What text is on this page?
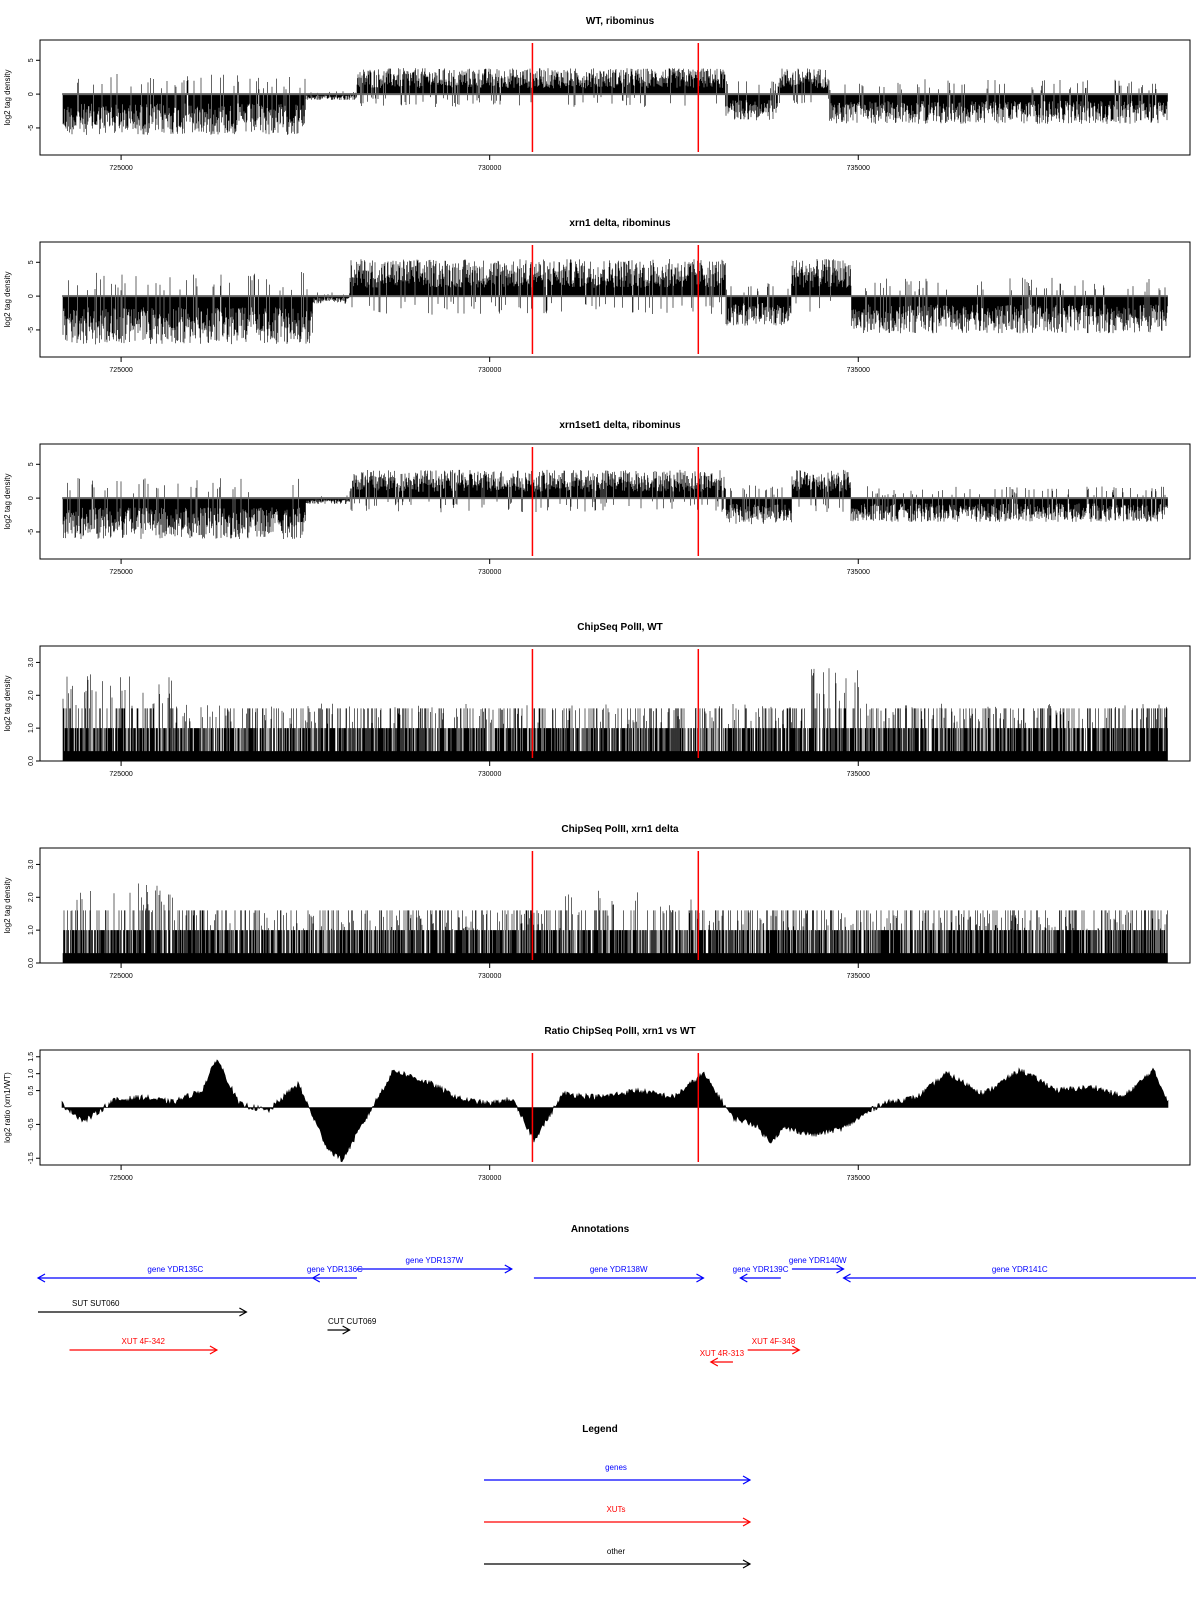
WT, ribominus
log2 tag density
-5
0
5
725000	730000	735000
xrn1 delta, ribominus
log2 tag density
-5
0
5
725000	730000	735000
xrn1set1 delta, ribominus
log2 tag density
-5
0
5
725000	730000	735000
ChipSeq PolII, WT
log2 tag density
0.0
1.0
2.0
3.0
725000	730000	735000
ChipSeq PolII, xrn1 delta
log2 tag density
0.0
1.0
2.0
3.0
725000	730000	735000
Ratio ChipSeq PolII, xrn1 vs WT
log2 ratio (xrn1/WT)
-1.5
-0.5
0.5
1.0
1.5
725000	730000	735000
Annotations
gene YDR135C	gene YDR136C
gene YDR137W
gene YDR138W	gene YDR139C
gene YDR140W
gene YDR141C
SUT SUT060
CUT CUT069
XUT 4F-342	XUT 4F-348
XUT 4R-313
Legend
genes
XUTs
other
